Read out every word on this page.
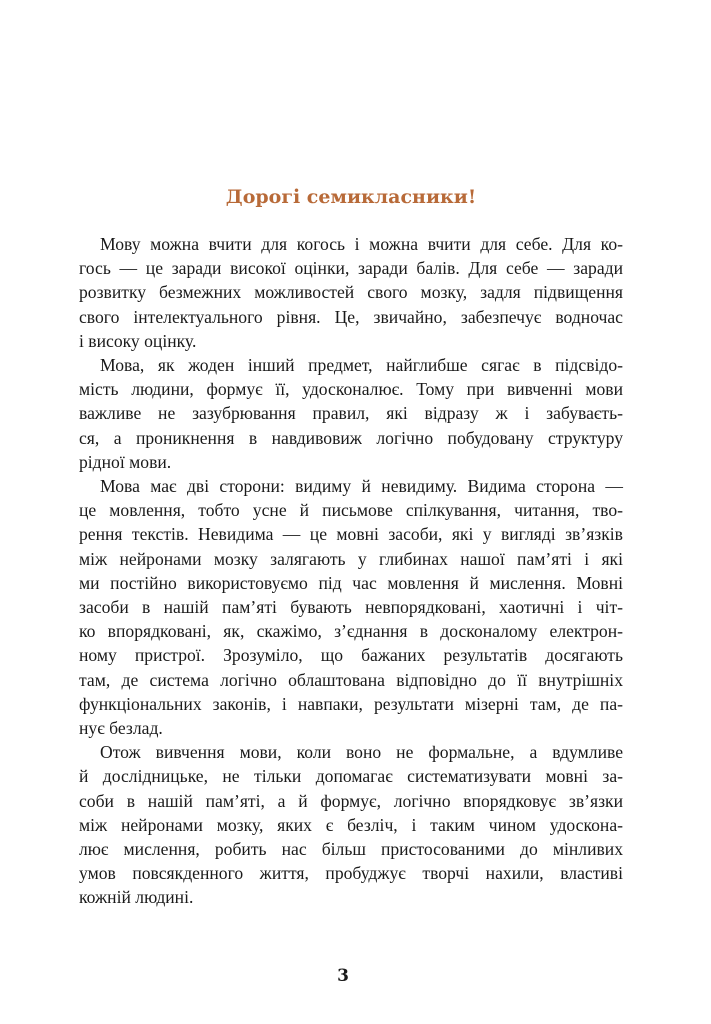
Дорогі семикласники!

Мову можна вчити для когось і можна вчити для себе. Для ко-
гось — це заради високої оцінки, заради балів. Для себе — заради
розвитку безмежних можливостей свого мозку, задля підвищення
свого інтелектуального рівня. Це, звичайно, забезпечує водночас
і високу оцінку.

Мова, як жоден інший предмет, найглибше сягає в підсвідо-
мість людини, формує її, удосконалює. Тому при вивченні мови
важливе не зазубрювання правил, які відразу ж і забуваєть-
ся, а проникнення в навдивовиж логічно побудовану структуру
рідної мови.

Мова має дві сторони: видиму й невидиму. Видима сторона —
це мовлення, тобто усне й письмове спілкування, читання, тво-
рення текстів. Невидима — це мовні засоби, які у вигляді зв’язків
між нейронами мозку залягають у глибинах нашої пам’яті і які
ми постійно використовуємо під час мовлення й мислення. Мовні
засоби в нашій пам’яті бувають невпорядковані, хаотичні і чіт-
ко впорядковані, як, скажімо, з’єднання в досконалому електрон-
ному пристрої. Зрозуміло, що бажаних результатів досягають
там, де система логічно облаштована відповідно до її внутрішніх
функціональних законів, і навпаки, результати мізерні там, де па-
нує безлад.

Отож вивчення мови, коли воно не формальне, а вдумливе
й дослідницьке, не тільки допомагає систематизувати мовні за-
соби в нашій пам’яті, а й формує, логічно впорядковує зв’язки
між нейронами мозку, яких є безліч, і таким чином удоскона-
лює мислення, робить нас більш пристосованими до мінливих
умов повсякденного життя, пробуджує творчі нахили, властиві
кожній людині.

3
